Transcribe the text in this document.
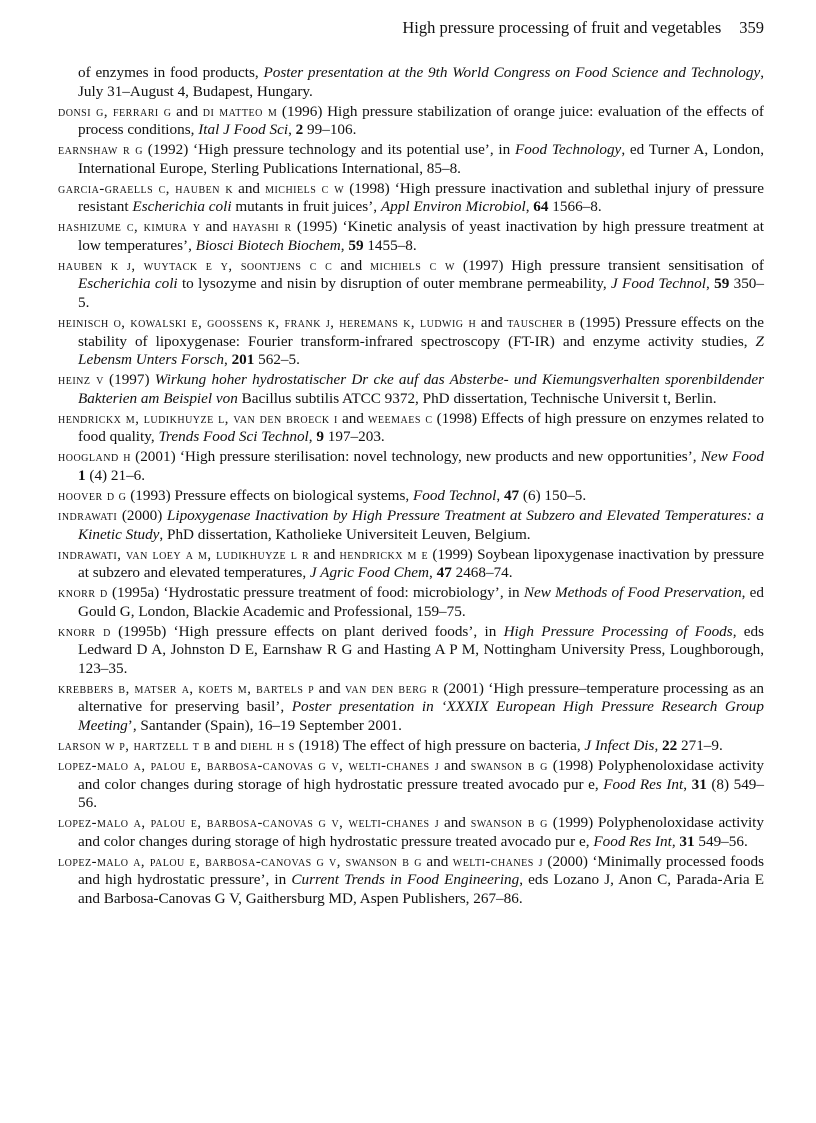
High pressure processing of fruit and vegetables 359

of enzymes in food products, Poster presentation at the 9th World Congress on Food Science and Technology, July 31–August 4, Budapest, Hungary.

donsi g, ferrari g and di matteo m (1996) High pressure stabilization of orange juice: evaluation of the effects of process conditions, Ital J Food Sci, 2 99–106.

earnshaw r g (1992) ‘High pressure technology and its potential use’, in Food Technology, ed Turner A, London, International Europe, Sterling Publications International, 85–8.

garcia-graells c, hauben k and michiels c w (1998) ‘High pressure inactivation and sublethal injury of pressure resistant Escherichia coli mutants in fruit juices’, Appl Environ Microbiol, 64 1566–8.

hashizume c, kimura y and hayashi r (1995) ‘Kinetic analysis of yeast inactivation by high pressure treatment at low temperatures’, Biosci Biotech Biochem, 59 1455–8.

hauben k j, wuytack e y, soontjens c c and michiels c w (1997) High pressure transient sensitisation of Escherichia coli to lysozyme and nisin by disruption of outer membrane permeability, J Food Technol, 59 350–5.

heinisch o, kowalski e, goossens k, frank j, heremans k, ludwig h and tauscher b (1995) Pressure effects on the stability of lipoxygenase: Fourier transform-infrared spectroscopy (FT-IR) and enzyme activity studies, Z Lebensm Unters Forsch, 201 562–5.

heinz v (1997) Wirkung hoher hydrostatischer Dr cke auf das Absterbe- und Kiemungsverhalten sporenbildender Bakterien am Beispiel von Bacillus subtilis ATCC 9372, PhD dissertation, Technische Universit t, Berlin.

hendrickx m, ludikhuyze l, van den broeck i and weemaes c (1998) Effects of high pressure on enzymes related to food quality, Trends Food Sci Technol, 9 197–203.

hoogland h (2001) ‘High pressure sterilisation: novel technology, new products and new opportunities’, New Food 1 (4) 21–6.

hoover d g (1993) Pressure effects on biological systems, Food Technol, 47 (6) 150–5.

indrawati (2000) Lipoxygenase Inactivation by High Pressure Treatment at Subzero and Elevated Temperatures: a Kinetic Study, PhD dissertation, Katholieke Universiteit Leuven, Belgium.

indrawati, van loey a m, ludikhuyze l r and hendrickx m e (1999) Soybean lipoxygenase inactivation by pressure at subzero and elevated temperatures, J Agric Food Chem, 47 2468–74.

knorr d (1995a) ‘Hydrostatic pressure treatment of food: microbiology’, in New Methods of Food Preservation, ed Gould G, London, Blackie Academic and Professional, 159–75.

knorr d (1995b) ‘High pressure effects on plant derived foods’, in High Pressure Processing of Foods, eds Ledward D A, Johnston D E, Earnshaw R G and Hasting A P M, Nottingham University Press, Loughborough, 123–35.

krebbers b, matser a, koets m, bartels p and van den berg r (2001) ‘High pressure–temperature processing as an alternative for preserving basil’, Poster presentation in ‘XXXIX European High Pressure Research Group Meeting’, Santander (Spain), 16–19 September 2001.

larson w p, hartzell t b and diehl h s (1918) The effect of high pressure on bacteria, J Infect Dis, 22 271–9.

lopez-malo a, palou e, barbosa-canovas g v, welti-chanes j and swanson b g (1998) Polyphenoloxidase activity and color changes during storage of high hydrostatic pressure treated avocado pur e, Food Res Int, 31 (8) 549–56.

lopez-malo a, palou e, barbosa-canovas g v, welti-chanes j and swanson b g (1999) Polyphenoloxidase activity and color changes during storage of high hydrostatic pressure treated avocado pur e, Food Res Int, 31 549–56.

lopez-malo a, palou e, barbosa-canovas g v, swanson b g and welti-chanes j (2000) ‘Minimally processed foods and high hydrostatic pressure’, in Current Trends in Food Engineering, eds Lozano J, Anon C, Parada-Aria E and Barbosa-Canovas G V, Gaithersburg MD, Aspen Publishers, 267–86.
